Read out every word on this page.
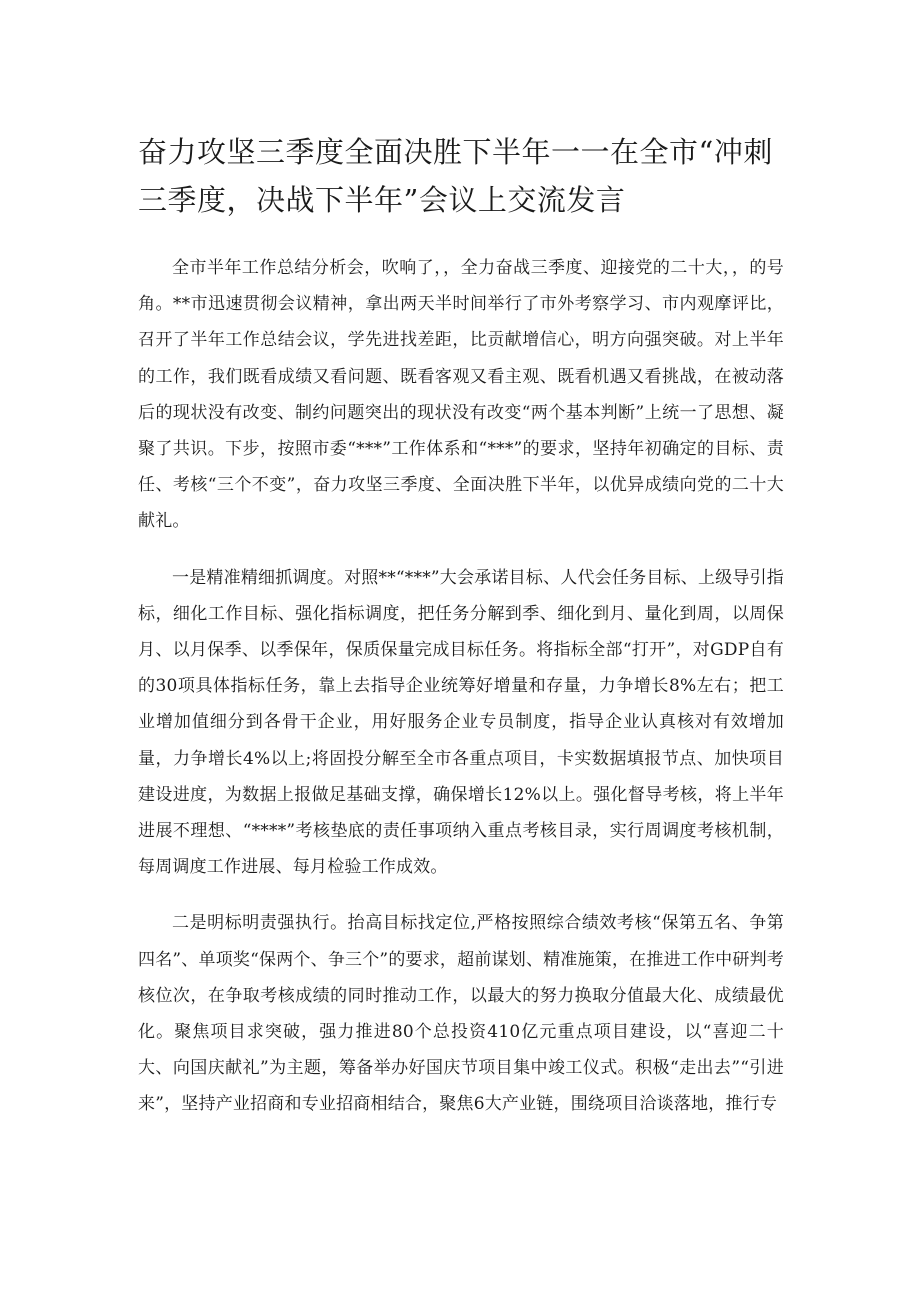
奋力攻坚三季度全面决胜下半年一一在全市“冲刺三季度，决战下半年”会议上交流发言

全市半年工作总结分析会，吹响了，，全力奋战三季度、迎接党的二十大，，的号角。**市迅速贯彻会议精神，拿出两天半时间举行了市外考察学习、市内观摩评比，召开了半年工作总结会议，学先进找差距，比贡献增信心，明方向强突破。对上半年的工作，我们既看成绩又看问题、既看客观又看主观、既看机遇又看挑战，在被动落后的现状没有改变、制约问题突出的现状没有改变“两个基本判断”上统一了思想、凝聚了共识。下步，按照市委“***”工作体系和“***”的要求，坚持年初确定的目标、责任、考核“三个不变”，奋力攻坚三季度、全面决胜下半年，以优异成绩向党的二十大献礼。

一是精准精细抓调度。对照**“***”大会承诺目标、人代会任务目标、上级导引指标，细化工作目标、强化指标调度，把任务分解到季、细化到月、量化到周，以周保月、以月保季、以季保年，保质保量完成目标任务。将指标全部“打开”，对GDP自有的30项具体指标任务，靠上去指导企业统筹好增量和存量，力争增长8%左右；把工业增加值细分到各骨干企业，用好服务企业专员制度，指导企业认真核对有效增加量，力争增长4%以上;将固投分解至全市各重点项目，卡实数据填报节点、加快项目建设进度，为数据上报做足基础支撑，确保增长12%以上。强化督导考核，将上半年进展不理想、“****”考核垫底的责任事项纳入重点考核目录，实行周调度考核机制，每周调度工作进展、每月检验工作成效。

二是明标明责强执行。抬高目标找定位,严格按照综合绩效考核“保第五名、争第四名”、单项奖“保两个、争三个”的要求，超前谋划、精准施策，在推进工作中研判考核位次，在争取考核成绩的同时推动工作，以最大的努力换取分值最大化、成绩最优化。聚焦项目求突破，强力推进80个总投资410亿元重点项目建设，以“喜迎二十大、向国庆献礼”为主题，筹备举办好国庆节项目集中竣工仪式。积极“走出去”“引进来”，坚持产业招商和专业招商相结合，聚焦6大产业链，围绕项目洽谈落地，推行专
